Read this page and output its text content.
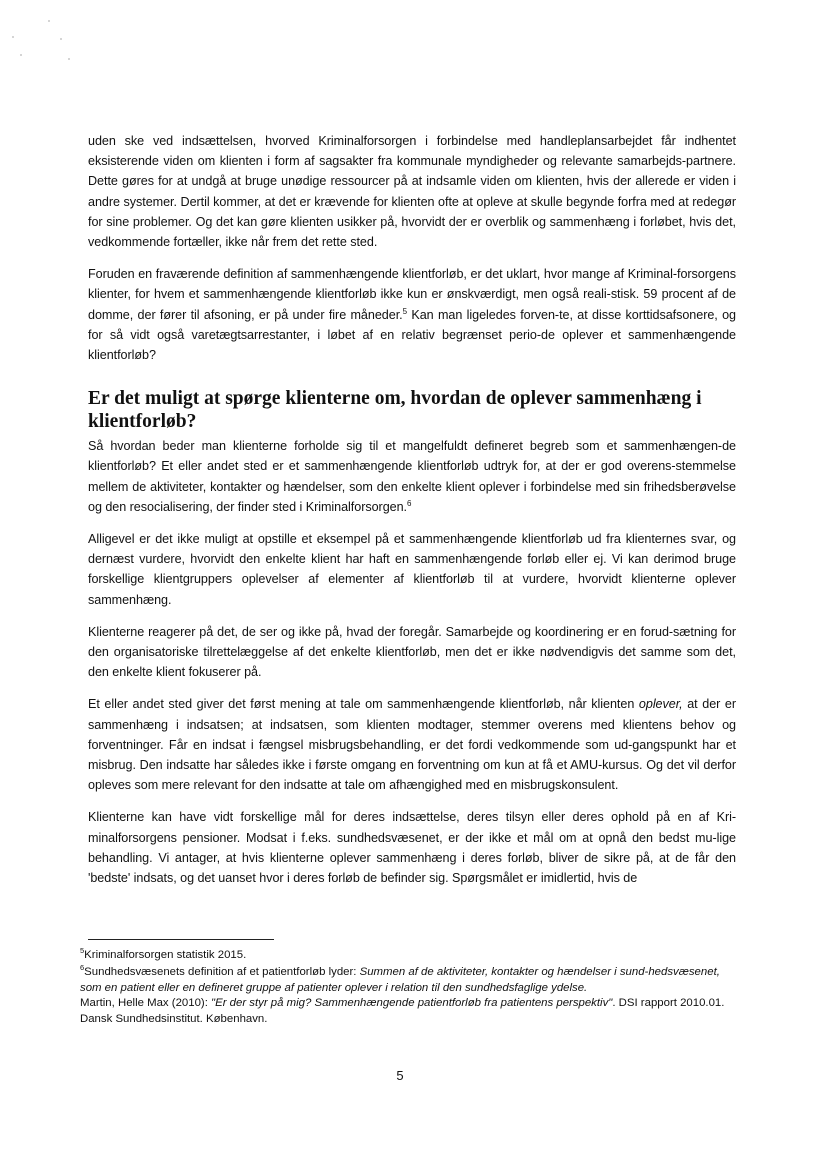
uden ske ved indsættelsen, hvorved Kriminalforsorgen i forbindelse med handleplansarbejdet får indhentet eksisterende viden om klienten i form af sagsakter fra kommunale myndigheder og relevante samarbejds-partnere. Dette gøres for at undgå at bruge unødige ressourcer på at indsamle viden om klienten, hvis der allerede er viden i andre systemer. Dertil kommer, at det er krævende for klienten ofte at opleve at skulle begynde forfra med at redegør for sine problemer. Og det kan gøre klienten usikker på, hvorvidt der er overblik og sammenhæng i forløbet, hvis det, vedkommende fortæller, ikke når frem det rette sted.

Foruden en fraværende definition af sammenhængende klientforløb, er det uklart, hvor mange af Kriminal-forsorgens klienter, for hvem et sammenhængende klientforløb ikke kun er ønskværdigt, men også reali-stisk. 59 procent af de domme, der fører til afsoning, er på under fire måneder.$^5$ Kan man ligeledes forven-te, at disse korttidsafsonere, og for så vidt også varetægtsarrestanter, i løbet af en relativ begrænset perio-de oplever et sammenhængende klientforløb?

Er det muligt at spørge klienterne om, hvordan de oplever sammenhæng i klientforløb?

Så hvordan beder man klienterne forholde sig til et mangelfuldt defineret begreb som et sammenhængen-de klientforløb? Et eller andet sted er et sammenhængende klientforløb udtryk for, at der er god overens-stemmelse mellem de aktiviteter, kontakter og hændelser, som den enkelte klient oplever i forbindelse med sin frihedsberøvelse og den resocialisering, der finder sted i Kriminalforsorgen.$^6$

Alligevel er det ikke muligt at opstille et eksempel på et sammenhængende klientforløb ud fra klienternes svar, og dernæst vurdere, hvorvidt den enkelte klient har haft en sammenhængende forløb eller ej. Vi kan derimod bruge forskellige klientgruppers oplevelser af elementer af klientforløb til at vurdere, hvorvidt klienterne oplever sammenhæng.

Klienterne reagerer på det, de ser og ikke på, hvad der foregår. Samarbejde og koordinering er en forud-sætning for den organisatoriske tilrettelæggelse af det enkelte klientforløb, men det er ikke nødvendigvis det samme som det, den enkelte klient fokuserer på.

Et eller andet sted giver det først mening at tale om sammenhængende klientforløb, når klienten oplever, at der er sammenhæng i indsatsen; at indsatsen, som klienten modtager, stemmer overens med klientens behov og forventninger. Får en indsat i fængsel misbrugsbehandling, er det fordi vedkommende som ud-gangspunkt har et misbrug. Den indsatte har således ikke i første omgang en forventning om kun at få et AMU-kursus. Og det vil derfor opleves som mere relevant for den indsatte at tale om afhængighed med en misbrugskonsulent.

Klienterne kan have vidt forskellige mål for deres indsættelse, deres tilsyn eller deres ophold på en af Kri-minalforsorgens pensioner. Modsat i f.eks. sundhedsvæsenet, er der ikke et mål om at opnå den bedst mu-lige behandling. Vi antager, at hvis klienterne oplever sammenhæng i deres forløb, bliver de sikre på, at de får den 'bedste' indsats, og det uanset hvor i deres forløb de befinder sig. Spørgsmålet er imidlertid, hvis de

$^5$Kriminalforsorgen statistik 2015.

$^6$Sundhedsvæsenets definition af et patientforløb lyder: Summen af de aktiviteter, kontakter og hændelser i sund-hedsvæsenet, som en patient eller en defineret gruppe af patienter oplever i relation til den sundhedsfaglige ydelse.
Martin, Helle Max (2010): "Er der styr på mig? Sammenhængende patientforløb fra patientens perspektiv". DSI rapport 2010.01. Dansk Sundhedsinstitut. København.

5
